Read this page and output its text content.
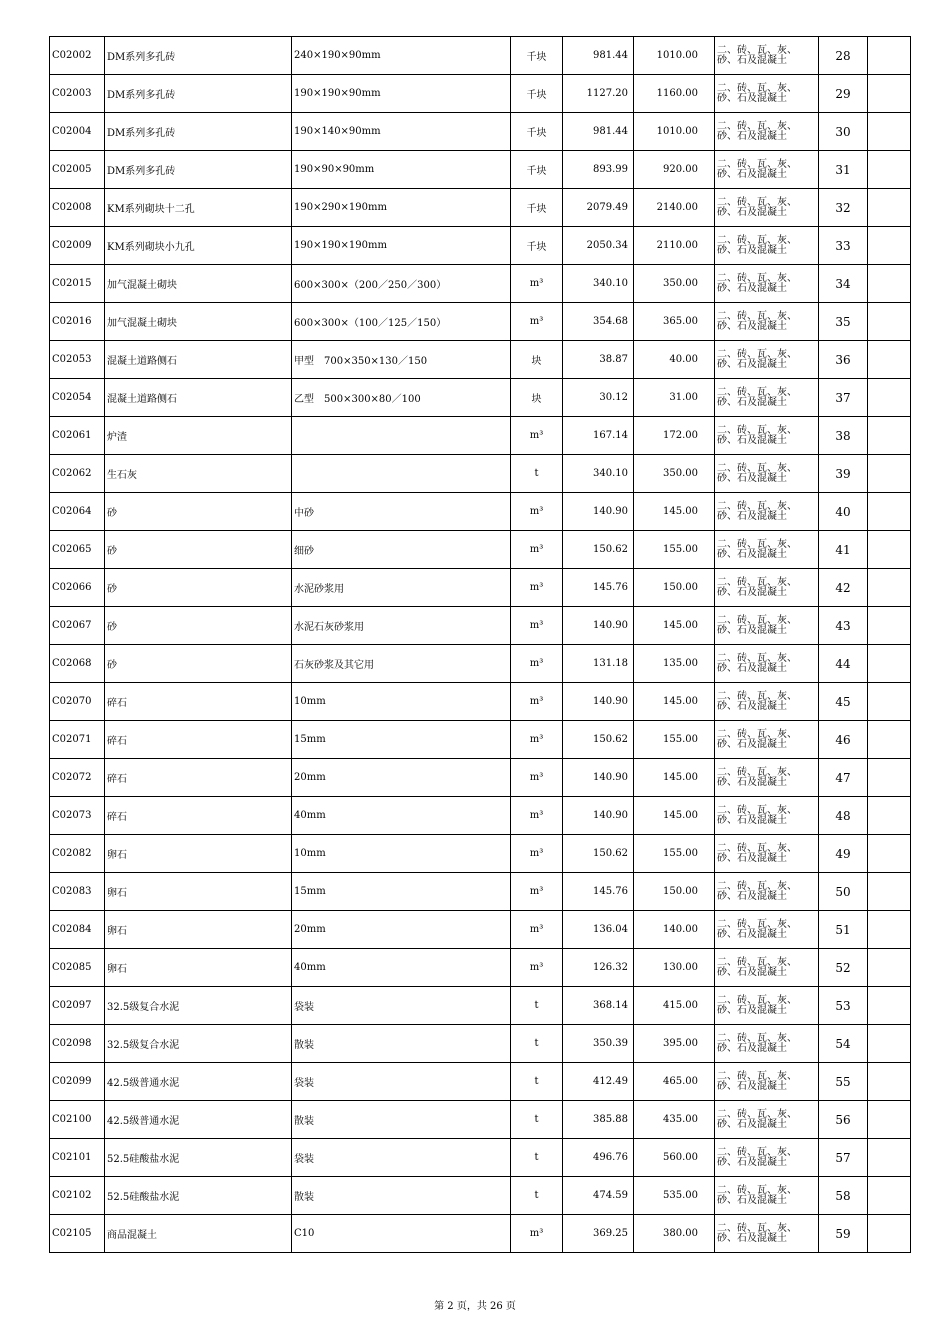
C02002	DM系列多孔砖	240×190×90mm	千块	981.44	1010.00	二、砖、瓦、灰、
砂、石及混凝土	28	
C02003	DM系列多孔砖	190×190×90mm	千块	1127.20	1160.00	二、砖、瓦、灰、
砂、石及混凝土	29	
C02004	DM系列多孔砖	190×140×90mm	千块	981.44	1010.00	二、砖、瓦、灰、
砂、石及混凝土	30	
C02005	DM系列多孔砖	190×90×90mm	千块	893.99	920.00	二、砖、瓦、灰、
砂、石及混凝土	31	
C02008	KM系列砌块十二孔	190×290×190mm	千块	2079.49	2140.00	二、砖、瓦、灰、
砂、石及混凝土	32	
C02009	KM系列砌块小九孔	190×190×190mm	千块	2050.34	2110.00	二、砖、瓦、灰、
砂、石及混凝土	33	
C02015	加气混凝土砌块	600×300×（200／250／300）	m³	340.10	350.00	二、砖、瓦、灰、
砂、石及混凝土	34	
C02016	加气混凝土砌块	600×300×（100／125／150）	m³	354.68	365.00	二、砖、瓦、灰、
砂、石及混凝土	35	
C02053	混凝土道路侧石	甲型　700×350×130／150	块	38.87	40.00	二、砖、瓦、灰、
砂、石及混凝土	36	
C02054	混凝土道路侧石	乙型　500×300×80／100	块	30.12	31.00	二、砖、瓦、灰、
砂、石及混凝土	37	
C02061	炉渣		m³	167.14	172.00	二、砖、瓦、灰、
砂、石及混凝土	38	
C02062	生石灰		t	340.10	350.00	二、砖、瓦、灰、
砂、石及混凝土	39	
C02064	砂	中砂	m³	140.90	145.00	二、砖、瓦、灰、
砂、石及混凝土	40	
C02065	砂	细砂	m³	150.62	155.00	二、砖、瓦、灰、
砂、石及混凝土	41	
C02066	砂	水泥砂浆用	m³	145.76	150.00	二、砖、瓦、灰、
砂、石及混凝土	42	
C02067	砂	水泥石灰砂浆用	m³	140.90	145.00	二、砖、瓦、灰、
砂、石及混凝土	43	
C02068	砂	石灰砂浆及其它用	m³	131.18	135.00	二、砖、瓦、灰、
砂、石及混凝土	44	
C02070	碎石	10mm	m³	140.90	145.00	二、砖、瓦、灰、
砂、石及混凝土	45	
C02071	碎石	15mm	m³	150.62	155.00	二、砖、瓦、灰、
砂、石及混凝土	46	
C02072	碎石	20mm	m³	140.90	145.00	二、砖、瓦、灰、
砂、石及混凝土	47	
C02073	碎石	40mm	m³	140.90	145.00	二、砖、瓦、灰、
砂、石及混凝土	48	
C02082	卵石	10mm	m³	150.62	155.00	二、砖、瓦、灰、
砂、石及混凝土	49	
C02083	卵石	15mm	m³	145.76	150.00	二、砖、瓦、灰、
砂、石及混凝土	50	
C02084	卵石	20mm	m³	136.04	140.00	二、砖、瓦、灰、
砂、石及混凝土	51	
C02085	卵石	40mm	m³	126.32	130.00	二、砖、瓦、灰、
砂、石及混凝土	52	
C02097	32.5级复合水泥	袋装	t	368.14	415.00	二、砖、瓦、灰、
砂、石及混凝土	53	
C02098	32.5级复合水泥	散装	t	350.39	395.00	二、砖、瓦、灰、
砂、石及混凝土	54	
C02099	42.5级普通水泥	袋装	t	412.49	465.00	二、砖、瓦、灰、
砂、石及混凝土	55	
C02100	42.5级普通水泥	散装	t	385.88	435.00	二、砖、瓦、灰、
砂、石及混凝土	56	
C02101	52.5硅酸盐水泥	袋装	t	496.76	560.00	二、砖、瓦、灰、
砂、石及混凝土	57	
C02102	52.5硅酸盐水泥	散装	t	474.59	535.00	二、砖、瓦、灰、
砂、石及混凝土	58	
C02105	商品混凝土	C10	m³	369.25	380.00	二、砖、瓦、灰、
砂、石及混凝土	59	
第 2 页，共 26 页
